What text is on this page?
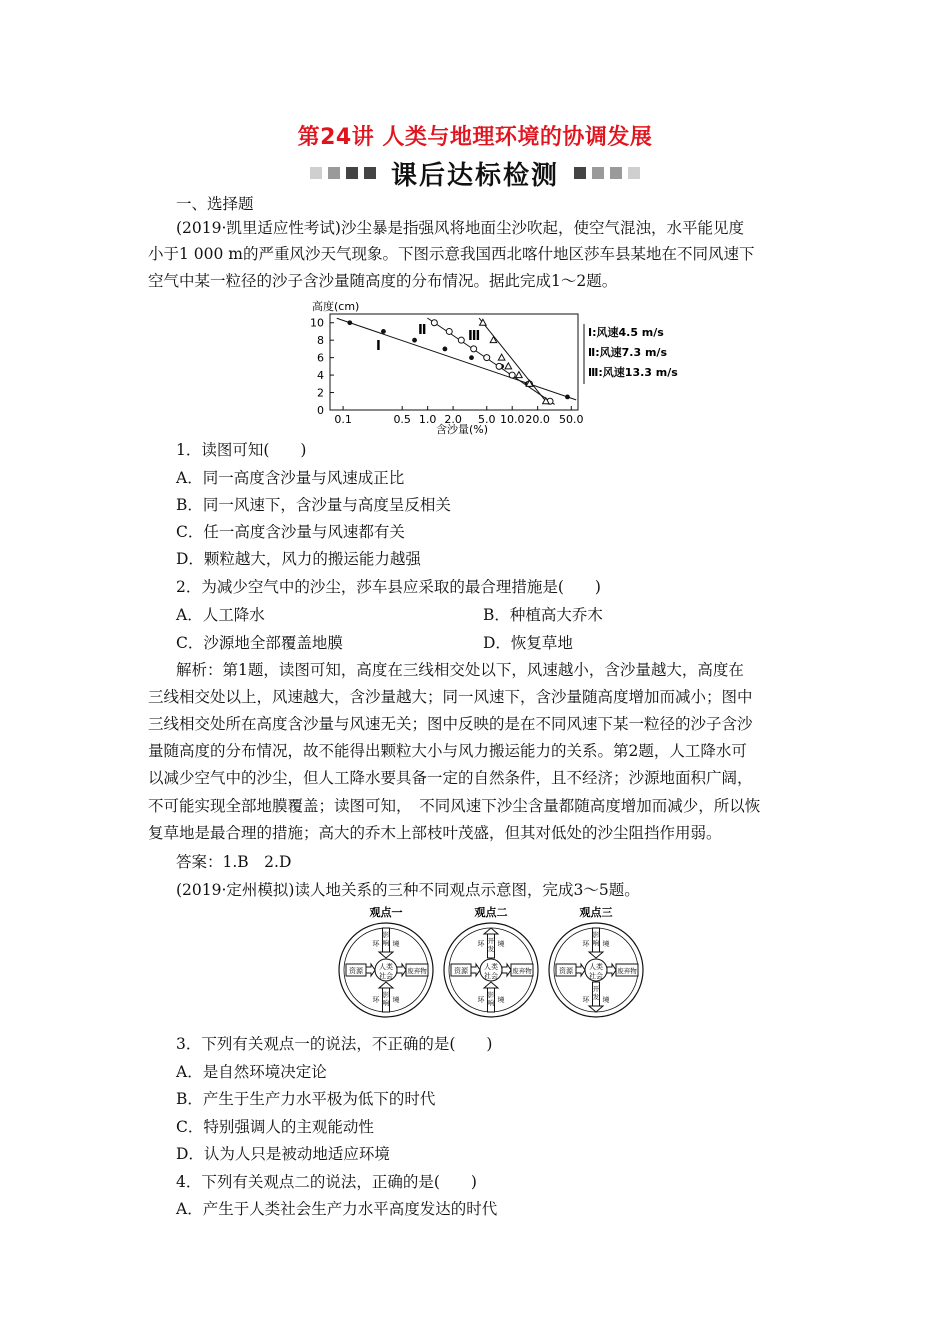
第24讲 人类与地理环境的协调发展
课后达标检测
一、选择题
(2019·凯里适应性考试)沙尘暴是指强风将地面尘沙吹起，使空气混浊，水平能见度
小于1 000 m的严重风沙天气现象。下图示意我国西北喀什地区莎车县某地在不同风速下
空气中某一粒径的沙子含沙量随高度的分布情况。据此完成1～2题。
高度(cm)
含沙量(%)
0
2
4
6
8
10
0.1	0.5 1.0 2.0 5.0 10.0 20.0 50.0
Ⅰ
Ⅱ	Ⅲ	Ⅰ:风速4.5 m/s
Ⅱ:风速7.3 m/s
Ⅲ:风速13.3 m/s
1．读图可知(　　)
A．同一高度含沙量与风速成正比
B．同一风速下，含沙量与高度呈反相关
C．任一高度含沙量与风速都有关
D．颗粒越大，风力的搬运能力越强
2．为减少空气中的沙尘，莎车县应采取的最合理措施是(　　)
A．人工降水	B．种植高大乔木
C．沙源地全部覆盖地膜	D．恢复草地
解析：第1题，读图可知，高度在三线相交处以下，风速越小，含沙量越大，高度在
三线相交处以上，风速越大，含沙量越大；同一风速下，含沙量随高度增加而减小；图中
三线相交处所在高度含沙量与风速无关；图中反映的是在不同风速下某一粒径的沙子含沙
量随高度的分布情况，故不能得出颗粒大小与风力搬运能力的关系。第2题，人工降水可
以减少空气中的沙尘，但人工降水要具备一定的自然条件，且不经济；沙源地面积广阔，
不可能实现全部地膜覆盖；读图可知，　不同风速下沙尘含量都随高度增加而减少，所以恢
复草地是最合理的措施；高大的乔木上部枝叶茂盛，但其对低处的沙尘阻挡作用弱。
答案：1.B　2.D
(2019·定州模拟)读人地关系的三种不同观点示意图，完成3～5题。
观点一
人类
社会
资源	废弃物
影
响
影
响
环 境
环 境
观点二
人类
社会
资源	废弃物
开
发
影
响
环 境
环 境
观点三
人类
社会
资源	废弃物
影
响
开
发
环 境
环 境
3．下列有关观点一的说法，不正确的是(　　)
A．是自然环境决定论
B．产生于生产力水平极为低下的时代
C．特别强调人的主观能动性
D．认为人只是被动地适应环境
4．下列有关观点二的说法，正确的是(　　)
A．产生于人类社会生产力水平高度发达的时代
